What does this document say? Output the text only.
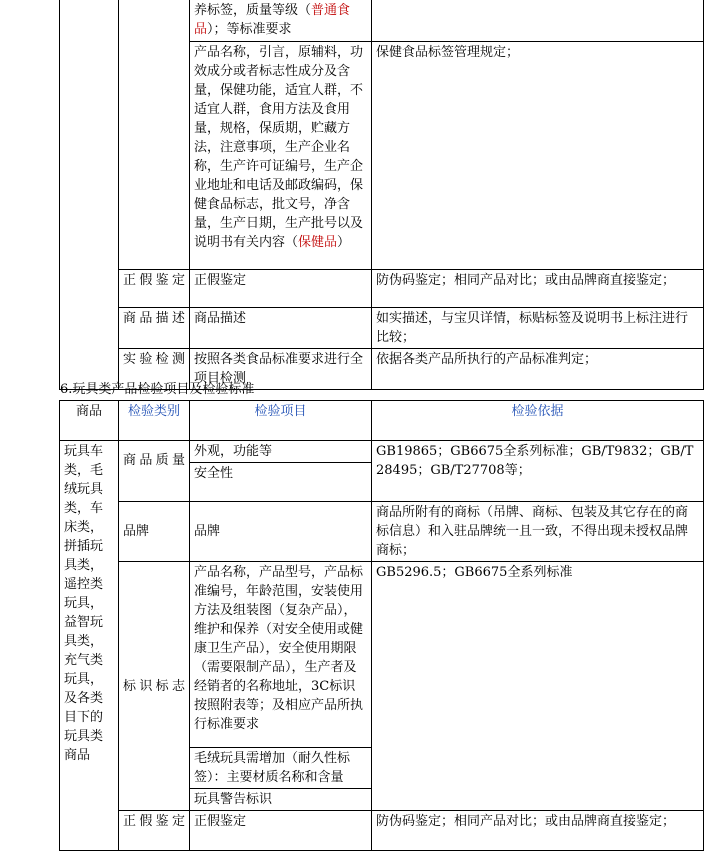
		养标签，质量等级（普通食品）；等标准要求	
		产品名称，引言，原辅料，功效成分或者标志性成分及含量，保健功能，适宜人群，不适宜人群，食用方法及食用量，规格，保质期，贮藏方法，注意事项，生产企业名称，生产许可证编号，生产企业地址和电话及邮政编码，保健食品标志，批文号，净含量，生产日期，生产批号以及说明书有关内容（保健品）	保健食品标签管理规定；
	正假鉴定	正假鉴定	防伪码鉴定；相同产品对比；或由品牌商直接鉴定；
	商品描述	商品描述	如实描述，与宝贝详情，标贴标签及说明书上标注进行比较；
	实验检测	按照各类食品标准要求进行全项目检测	依据各类产品所执行的产品标准判定；
6.玩具类产品检验项目及检验标准
商品	检验类别	检验项目	检验依据
玩具车类，毛绒玩具类，车床类，拼插玩具类，遥控类玩具，益智玩具类，充气类玩具，及各类目下的玩具类商品	商品质量	外观，功能等	GB19865；GB6675全系列标准；GB/T9832；GB/T28495；GB/T27708等；
		安全性	
	品牌	品牌	商品所附有的商标（吊牌、商标、包装及其它存在的商标信息）和入驻品牌统一且一致，不得出现未授权品牌商标；
	标识标志	产品名称，产品型号，产品标准编号，年龄范围，安装使用方法及组装图（复杂产品），维护和保养（对安全使用或健康卫生产品），安全使用期限（需要限制产品），生产者及经销者的名称地址，3C标识按照附表等；及相应产品所执行标准要求	GB5296.5；GB6675全系列标准
		毛绒玩具需增加（耐久性标签）：主要材质名称和含量	
		玩具警告标识	
	正假鉴定	正假鉴定	防伪码鉴定；相同产品对比；或由品牌商直接鉴定；
